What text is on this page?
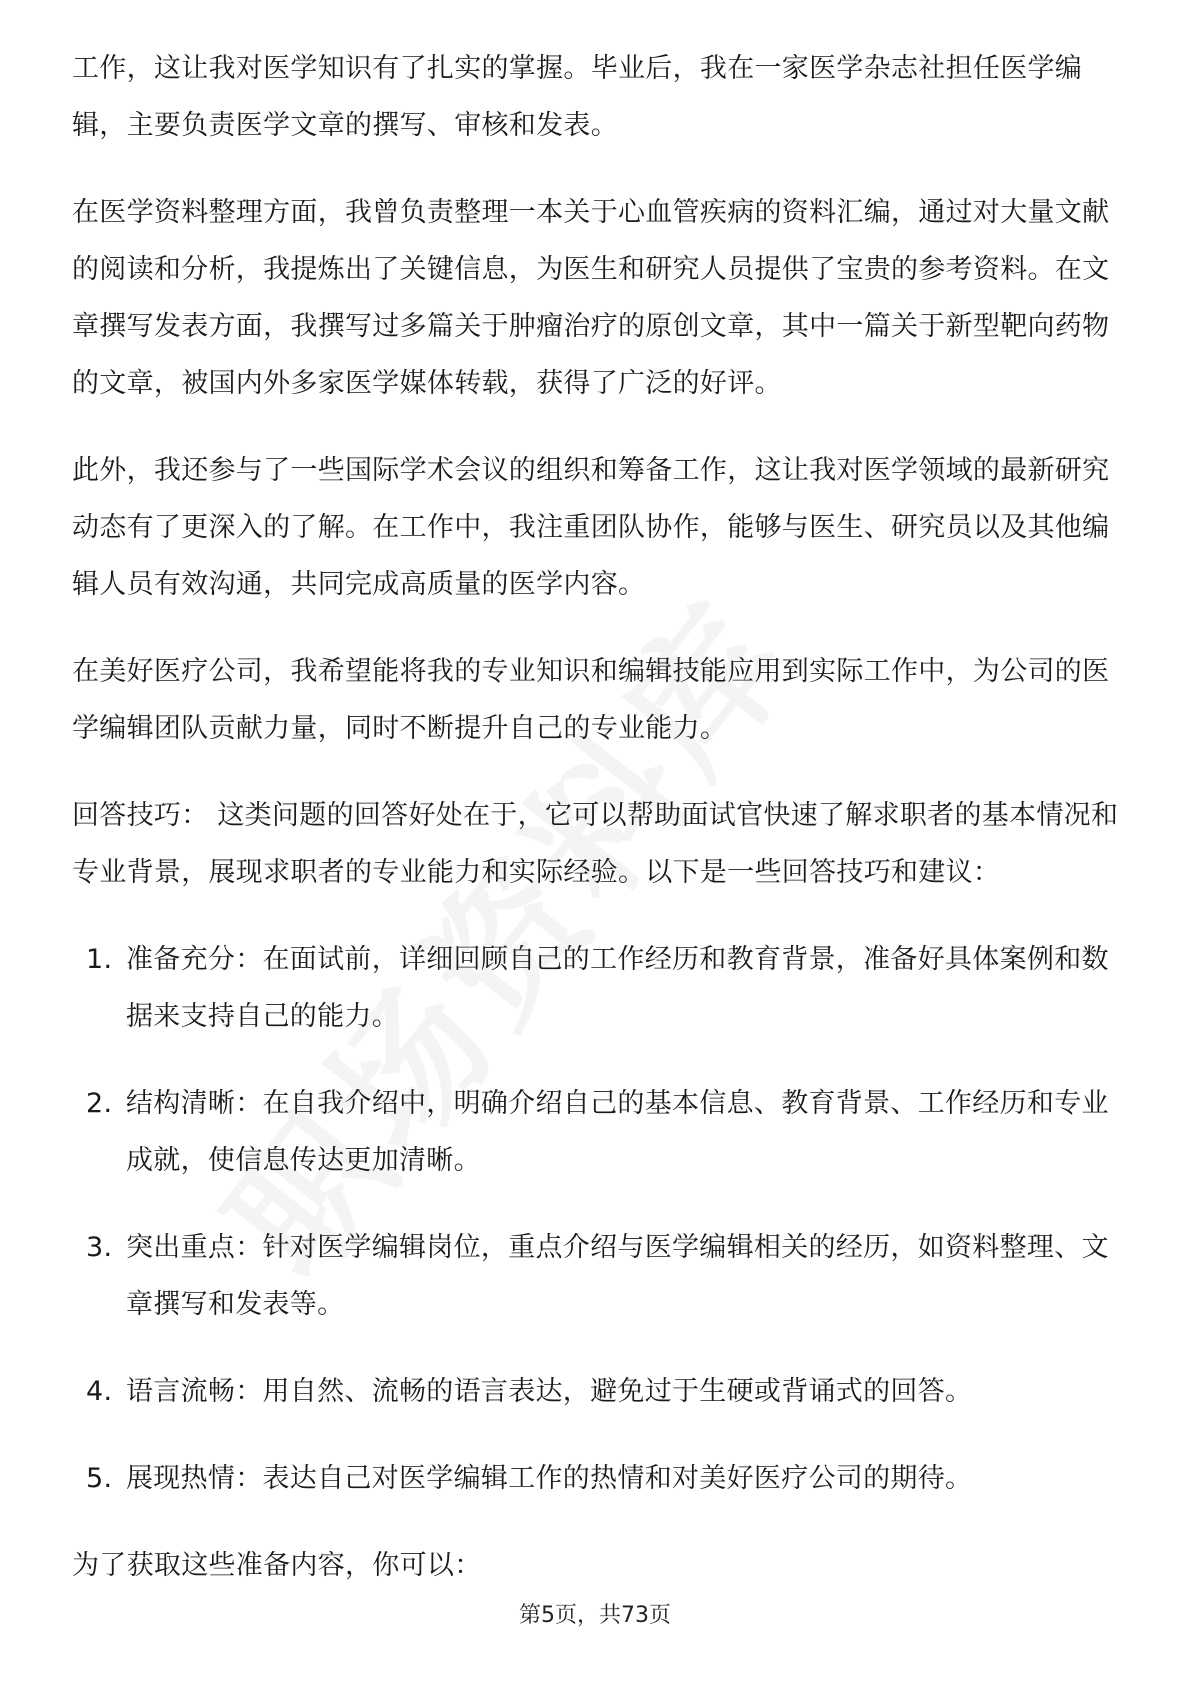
工作，这让我对医学知识有了扎实的掌握。毕业后，我在一家医学杂志社担任医学编辑，主要负责医学文章的撰写、审核和发表。

在医学资料整理方面，我曾负责整理一本关于心血管疾病的资料汇编，通过对大量文献的阅读和分析，我提炼出了关键信息，为医生和研究人员提供了宝贵的参考资料。在文章撰写发表方面，我撰写过多篇关于肿瘤治疗的原创文章，其中一篇关于新型靶向药物的文章，被国内外多家医学媒体转载，获得了广泛的好评。

此外，我还参与了一些国际学术会议的组织和筹备工作，这让我对医学领域的最新研究动态有了更深入的了解。在工作中，我注重团队协作，能够与医生、研究员以及其他编辑人员有效沟通，共同完成高质量的医学内容。

在美好医疗公司，我希望能将我的专业知识和编辑技能应用到实际工作中，为公司的医学编辑团队贡献力量，同时不断提升自己的专业能力。

回答技巧： 这类问题的回答好处在于，它可以帮助面试官快速了解求职者的基本情况和专业背景，展现求职者的专业能力和实际经验。以下是一些回答技巧和建议：

1. 准备充分：在面试前，详细回顾自己的工作经历和教育背景，准备好具体案例和数据来支持自己的能力。
2. 结构清晰：在自我介绍中，明确介绍自己的基本信息、教育背景、工作经历和专业成就，使信息传达更加清晰。
3. 突出重点：针对医学编辑岗位，重点介绍与医学编辑相关的经历，如资料整理、文章撰写和发表等。
4. 语言流畅：用自然、流畅的语言表达，避免过于生硬或背诵式的回答。
5. 展现热情：表达自己对医学编辑工作的热情和对美好医疗公司的期待。

为了获取这些准备内容，你可以：

第5页，共73页
